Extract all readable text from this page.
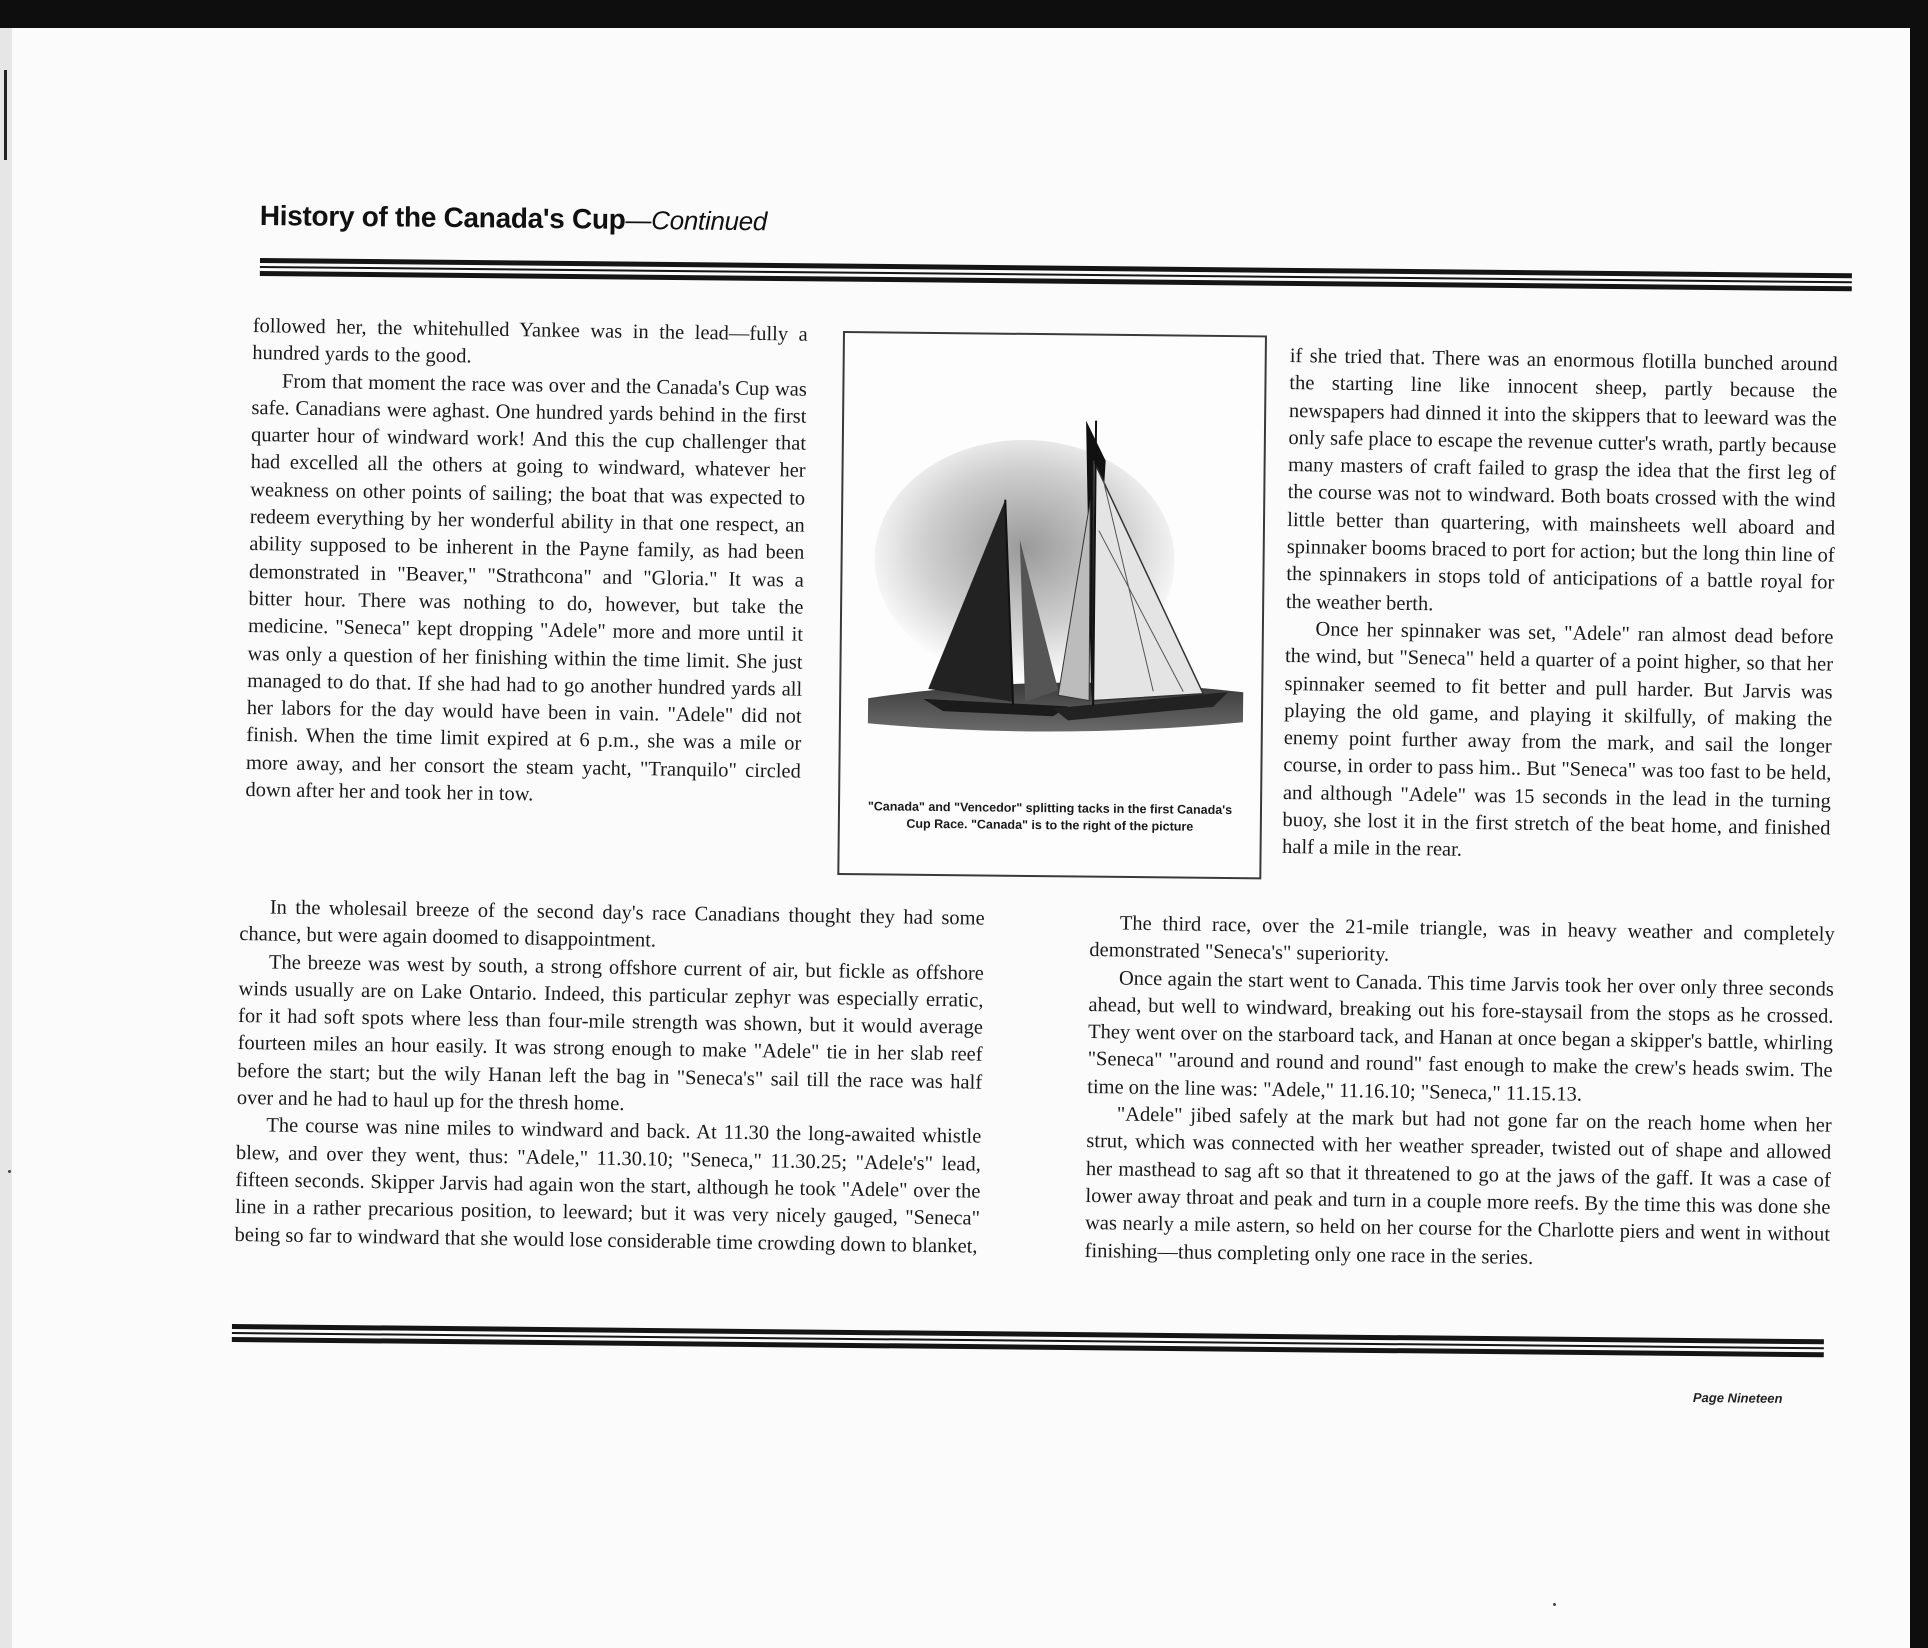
History of the Canada's Cup—Continued

followed her, the whitehulled Yankee was in the lead—fully a hundred yards to the good.

From that moment the race was over and the Canada's Cup was safe. Canadians were aghast. One hundred yards behind in the first quarter hour of windward work! And this the cup challenger that had excelled all the others at going to windward, whatever her weakness on other points of sailing; the boat that was expected to redeem everything by her wonderful ability in that one respect, an ability supposed to be inherent in the Payne family, as had been demonstrated in "Beaver," "Strathcona" and "Gloria." It was a bitter hour. There was nothing to do, however, but take the medicine. "Seneca" kept dropping "Adele" more and more until it was only a question of her finishing within the time limit. She just managed to do that. If she had had to go another hundred yards all her labors for the day would have been in vain. "Adele" did not finish. When the time limit expired at 6 p.m., she was a mile or more away, and her consort the steam yacht, "Tranquilo" circled down after her and took her in tow.

"Canada" and "Vencedor" splitting tacks in the first Canada's Cup Race. "Canada" is to the right of the picture

In the wholesail breeze of the second day's race Canadians thought they had some chance, but were again doomed to disappointment.

The breeze was west by south, a strong offshore current of air, but fickle as offshore winds usually are on Lake Ontario. Indeed, this particular zephyr was especially erratic, for it had soft spots where less than four-mile strength was shown, but it would average fourteen miles an hour easily. It was strong enough to make "Adele" tie in her slab reef before the start; but the wily Hanan left the bag in "Seneca's" sail till the race was half over and he had to haul up for the thresh home.

The course was nine miles to windward and back. At 11.30 the long-awaited whistle blew, and over they went, thus: "Adele," 11.30.10; "Seneca," 11.30.25; "Adele's" lead, fifteen seconds. Skipper Jarvis had again won the start, although he took "Adele" over the line in a rather precarious position, to leeward; but it was very nicely gauged, "Seneca" being so far to windward that she would lose considerable time crowding down to blanket,

if she tried that. There was an enormous flotilla bunched around the starting line like innocent sheep, partly because the newspapers had dinned it into the skippers that to leeward was the only safe place to escape the revenue cutter's wrath, partly because many masters of craft failed to grasp the idea that the first leg of the course was not to windward. Both boats crossed with the wind little better than quartering, with mainsheets well aboard and spinnaker booms braced to port for action; but the long thin line of the spinnakers in stops told of anticipations of a battle royal for the weather berth.

Once her spinnaker was set, "Adele" ran almost dead before the wind, but "Seneca" held a quarter of a point higher, so that her spinnaker seemed to fit better and pull harder. But Jarvis was playing the old game, and playing it skilfully, of making the enemy point further away from the mark, and sail the longer course, in order to pass him.. But "Seneca" was too fast to be held, and although "Adele" was 15 seconds in the lead in the turning buoy, she lost it in the first stretch of the beat home, and finished half a mile in the rear.

The third race, over the 21-mile triangle, was in heavy weather and completely demonstrated "Seneca's" superiority.

Once again the start went to Canada. This time Jarvis took her over only three seconds ahead, but well to windward, breaking out his fore-staysail from the stops as he crossed. They went over on the starboard tack, and Hanan at once began a skipper's battle, whirling "Seneca" "around and round and round" fast enough to make the crew's heads swim. The time on the line was: "Adele," 11.16.10; "Seneca," 11.15.13.

"Adele" jibed safely at the mark but had not gone far on the reach home when her strut, which was connected with her weather spreader, twisted out of shape and allowed her masthead to sag aft so that it threatened to go at the jaws of the gaff. It was a case of lower away throat and peak and turn in a couple more reefs. By the time this was done she was nearly a mile astern, so held on her course for the Charlotte piers and went in without finishing—thus completing only one race in the series.

Page Nineteen
